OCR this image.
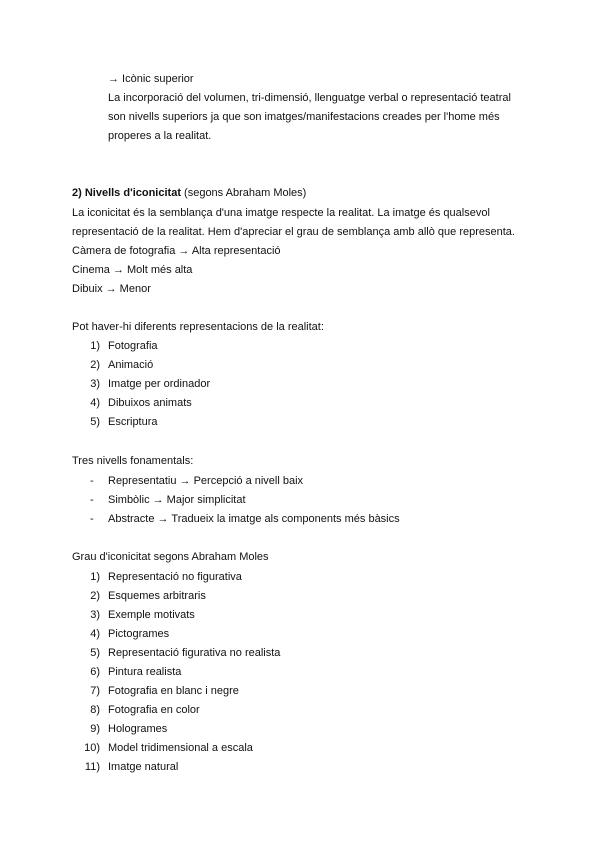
→ Icònic superior
La incorporació del volumen, tri-dimensió, llenguatge verbal o representació teatral
son nivells superiors ja que son imatges/manifestacions creades per l'home més
properes a la realitat.
2) Nivells d'iconicitat (segons Abraham Moles)
La iconicitat és la semblança d'una imatge respecte la realitat. La imatge és qualsevol
representació de la realitat. Hem d'apreciar el grau de semblança amb allò que representa.
Càmera de fotografia → Alta representació
Cinema → Molt més alta
Dibuix → Menor
Pot haver-hi diferents representacions de la realitat:
1) Fotografia
2) Animació
3) Imatge per ordinador
4) Dibuixos animats
5) Escriptura
Tres nivells fonamentals:
- Representatiu → Percepció a nivell baix
- Simbòlic → Major simplicitat
- Abstracte → Tradueix la imatge als components més bàsics
Grau d'iconicitat segons Abraham Moles
1) Representació no figurativa
2) Esquemes arbitraris
3) Exemple motivats
4) Pictogrames
5) Representació figurativa no realista
6) Pintura realista
7) Fotografia en blanc i negre
8) Fotografia en color
9) Hologrames
10) Model tridimensional a escala
11) Imatge natural
